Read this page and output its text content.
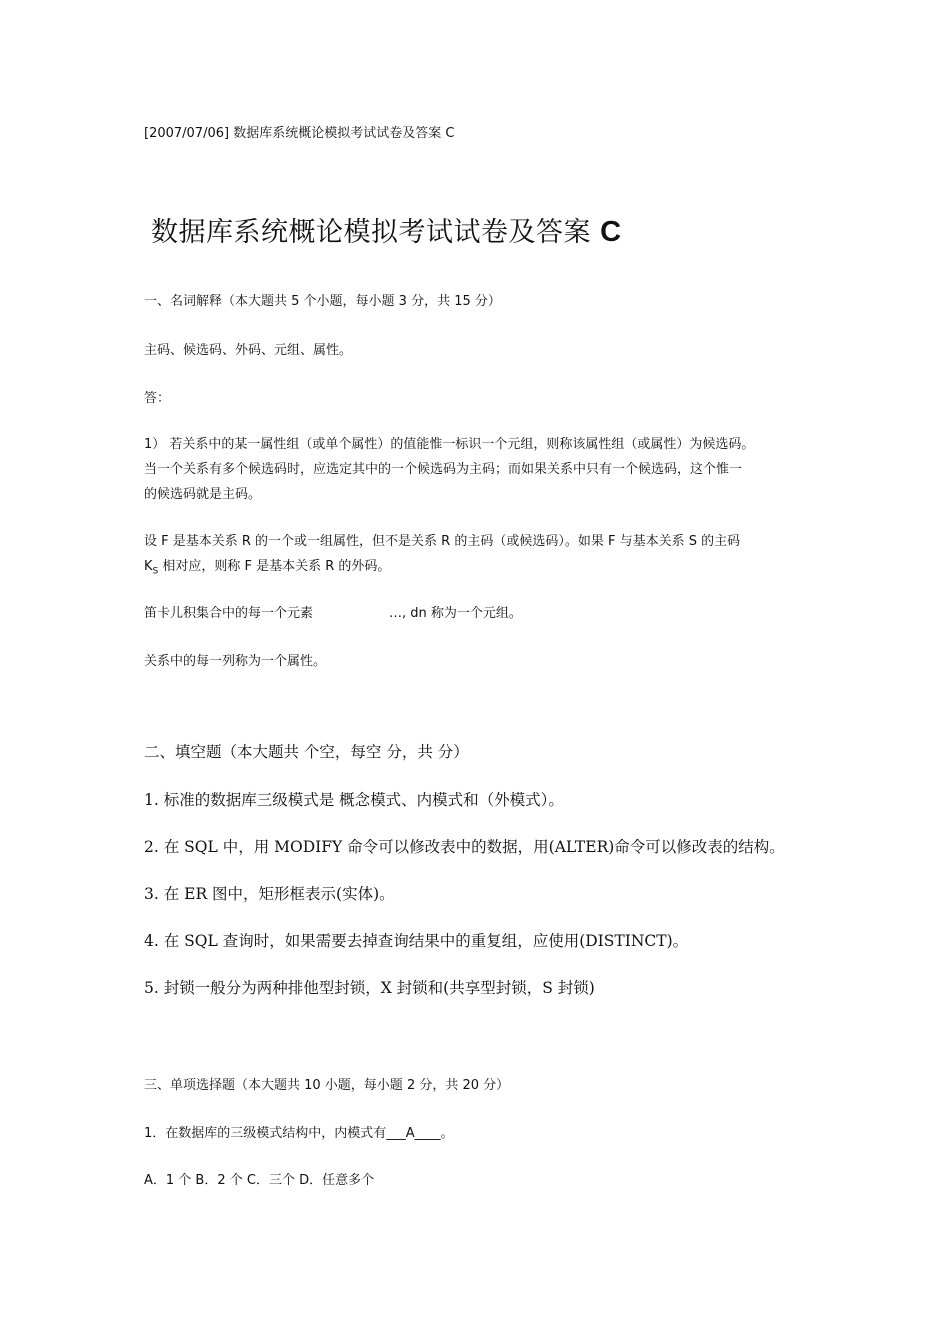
[2007/07/06] 数据库系统概论模拟考试试卷及答案 C
数据库系统概论模拟考试试卷及答案 C
一、名词解释（本大题共 5 个小题，每小题 3 分，共 15 分）
主码、候选码、外码、元组、属性。
答：
1） 若关系中的某一属性组（或单个属性）的值能惟一标识一个元组，则称该属性组（或属性）为候选码。
当一个关系有多个候选码时，应选定其中的一个候选码为主码；而如果关系中只有一个候选码，这个惟一
的候选码就是主码。
设 F 是基本关系 R 的一个或一组属性，但不是关系 R 的主码（或候选码）。如果 F 与基本关系 S 的主码
$K_S$ 相对应，则称 F 是基本关系 R 的外码。
笛卡儿积集合中的每一个元素	…, dn 称为一个元组。
关系中的每一列称为一个属性。
二、填空题（本大题共 个空，每空 分，共 分）
1. 标准的数据库三级模式是 概念模式、内模式和（外模式）。
2. 在 SQL 中，用 MODIFY 命令可以修改表中的数据，用(ALTER)命令可以修改表的结构。
3. 在 ER 图中，矩形框表示(实体)。
4. 在 SQL 查询时，如果需要去掉查询结果中的重复组，应使用(DISTINCT)。
5. 封锁一般分为两种排他型封锁，X 封锁和(共享型封锁，S 封锁)
三、单项选择题（本大题共 10 小题，每小题 2 分，共 20 分）
1．在数据库的三级模式结构中，内模式有___A____。
A．1 个 B．2 个 C．三个 D．任意多个
